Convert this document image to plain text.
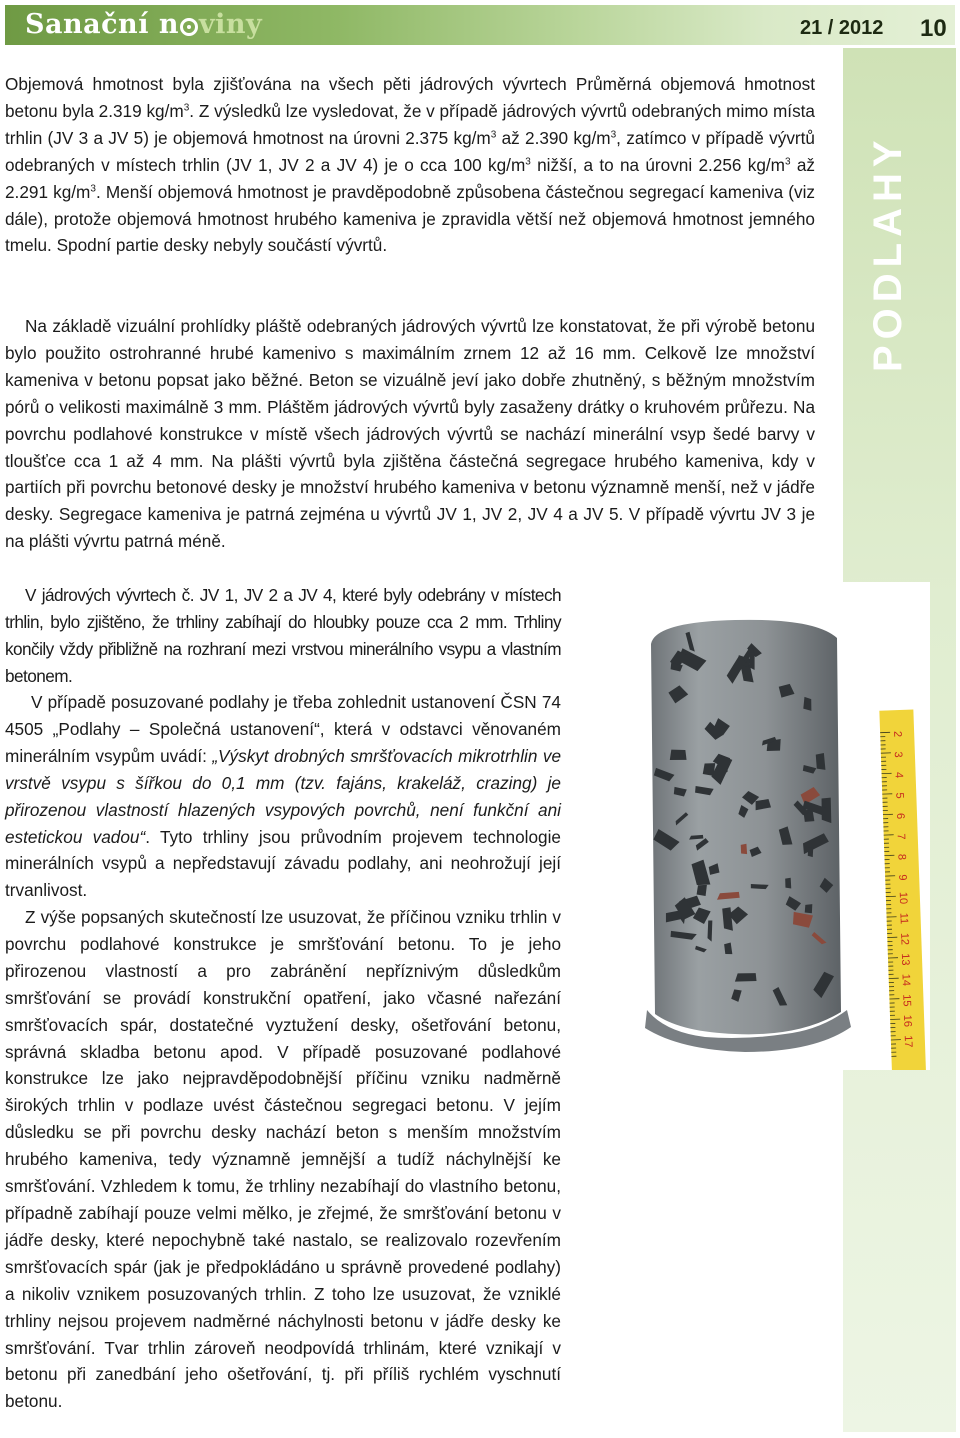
Sanační n viny	21 / 2012 10
PODLAHY

Objemová hmotnost byla zjišťována na všech pěti jádrových vývrtech Průměrná objemová hmotnost betonu byla 2.319 $kg/m^3$. Z výsledků lze vysledovat, že v případě jádrových vývrtů odebraných mimo místa trhlin (JV 3 a JV 5) je objemová hmotnost na úrovni 2.375 $kg/m^3$ až 2.390 $kg/m^3$, zatímco v případě vývrtů odebraných v místech trhlin (JV 1, JV 2 a JV 4) je o cca 100 $kg/m^3$ nižší, a to na úrovni 2.256 $kg/m^3$ až 2.291 $kg/m^3$. Menší objemová hmotnost je pravděpodobně způsobena částečnou segregací kameniva (viz dále), protože objemová hmotnost hrubého kameniva je zpravidla větší než objemová hmotnost jemného tmelu. Spodní partie desky nebyly součástí vývrtů.

Na základě vizuální prohlídky pláště odebraných jádrových vývrtů lze konstatovat, že při výrobě betonu bylo použito ostrohranné hrubé kamenivo s maximálním zrnem 12 až 16 mm. Celkově lze množství kameniva v betonu popsat jako běžné. Beton se vizuálně jeví jako dobře zhutněný, s běžným množstvím pórů o velikosti maximálně 3 mm. Pláštěm jádrových vývrtů byly zasaženy drátky o kruhovém průřezu. Na povrchu podlahové konstrukce v místě všech jádrových vývrtů se nachází minerální vsyp šedé barvy v tloušťce cca 1 až 4 mm. Na plášti vývrtů byla zjištěna částečná segregace hrubého kameniva, kdy v partiích při povrchu betonové desky je množství hrubého kameniva v betonu významně menší, než v jádře desky. Segregace kameniva je patrná zejména u vývrtů JV 1, JV 2, JV 4 a JV 5. V případě vývrtu JV 3 je na plášti vývrtu patrná méně.

V jádrových vývrtech č. JV 1, JV 2 a JV 4, které byly odebrány v místech trhlin, bylo zjištěno, že trhliny zabíhají do hloubky pouze cca 2 mm. Trhliny končily vždy přibližně na rozhraní mezi vrstvou minerálního vsypu a vlastním betonem.

V případě posuzované podlahy je třeba zohlednit ustanovení ČSN 74 4505 „Podlahy – Společná ustanovení“, která v odstavci věnovaném minerálním vsypům uvádí: „Výskyt drobných smršťovacích mikrotrhlin ve vrstvě vsypu s šířkou do 0,1 mm (tzv. fajáns, krakeláž, crazing) je přirozenou vlastností hlazených vsypových povrchů, není funkční ani estetickou vadou“. Tyto trhliny jsou průvodním projevem technologie minerálních vsypů a nepředstavují závadu podlahy, ani neohrožují její trvanlivost.

Z výše popsaných skutečností lze usuzovat, že příčinou vzniku trhlin v povrchu podlahové konstrukce je smršťování betonu. To je jeho přirozenou vlastností a pro zabránění nepříznivým důsledkům smršťování se provádí konstrukční opatření, jako včasné nařezání smršťovacích spár, dostatečné vyztužení desky, ošetřování betonu, správná skladba betonu apod. V případě posuzované podlahové konstrukce lze jako nejpravděpodobnější příčinu vzniku nadměrně širokých trhlin v podlaze uvést částečnou segregaci betonu. V jejím důsledku se při povrchu desky nachází beton s menším množstvím hrubého kameniva, tedy významně jemnější a tudíž náchylnější ke smršťování. Vzhledem k tomu, že trhliny nezabíhají do vlastního betonu, případně zabíhají pouze velmi mělko, je zřejmé, že smršťování betonu v jádře desky, které nepochybně také nastalo, se realizovalo rozevřením smršťovacích spár (jak je předpokládáno u správně provedené podlahy) a nikoliv vznikem posuzovaných trhlin. Z toho lze usuzovat, že vzniklé trhliny nejsou projevem nadměrné náchylnosti betonu v jádře desky ke smršťování. Tvar trhlin zároveň neodpovídá trhlinám, které vznikají v betonu při zanedbání jeho ošetřování, tj. při příliš rychlém vyschnutí betonu.

2
3
4
5
6
7
8
9
10
11
12
13
14
15
16
17
